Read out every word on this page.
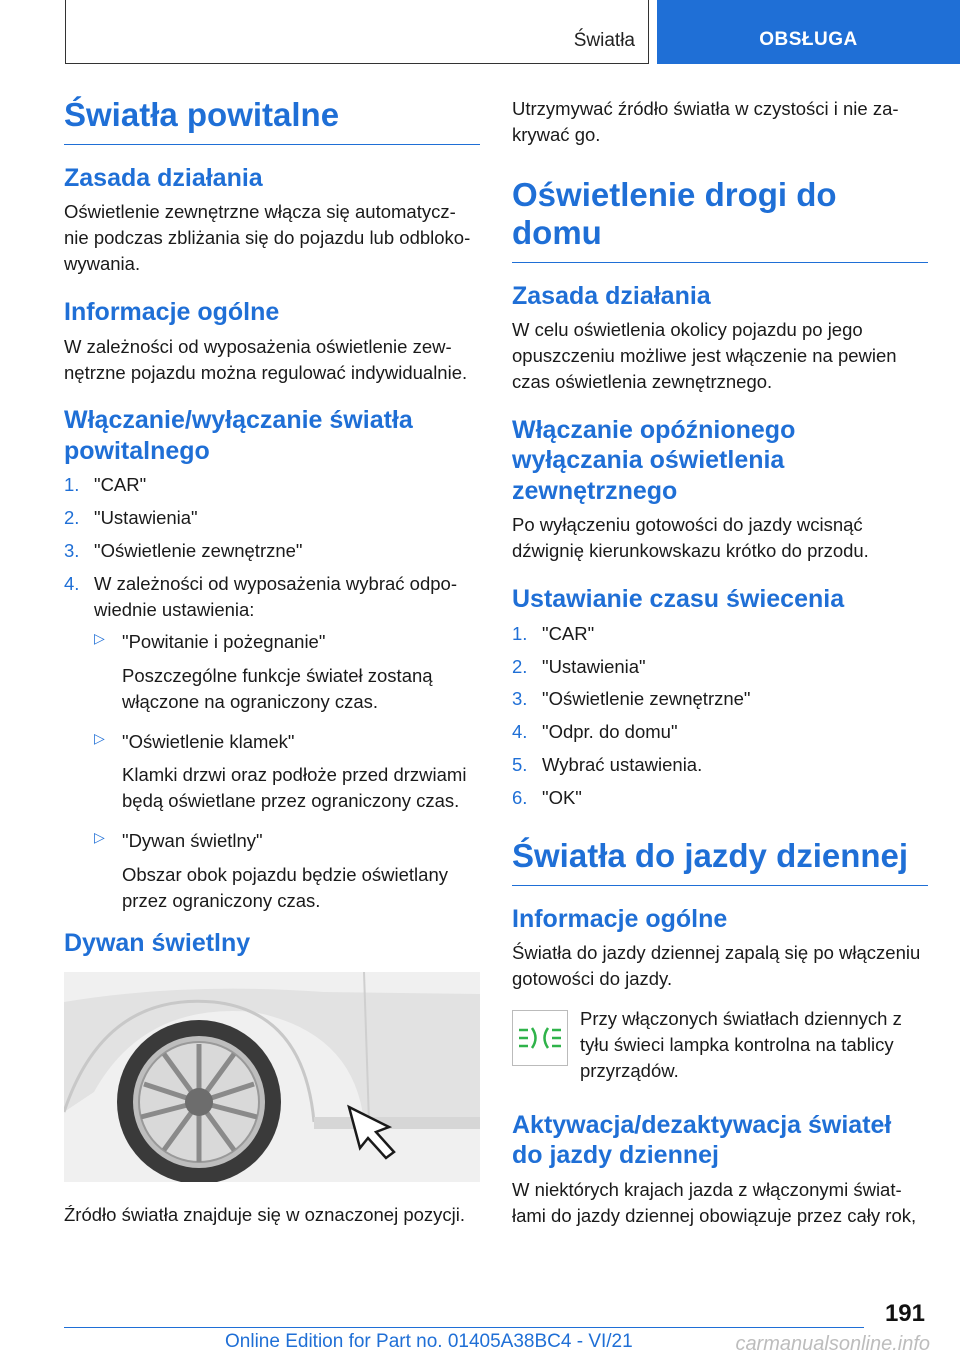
Światła	OBSŁUGA
Światła powitalne
Zasada działania

Oświetlenie zewnętrzne włącza się automatycz- nie podczas zbliżania się do pojazdu lub odbloko- wywania.

Informacje ogólne

W zależności od wyposażenia oświetlenie zew- nętrzne pojazdu można regulować indywidualnie.

Włączanie/wyłączanie światła powitalnego
1. "CAR"
2. "Ustawienia"
3. "Oświetlenie zewnętrzne"
4. W zależności od wyposażenia wybrać odpo- wiednie ustawienia:
▷ "Powitanie i pożegnanie"
Poszczególne funkcje świateł zostaną włączone na ograniczony czas.
▷ "Oświetlenie klamek"
Klamki drzwi oraz podłoże przed drzwiami będą oświetlane przez ograniczony czas.
▷ "Dywan świetlny"
Obszar obok pojazdu będzie oświetlany przez ograniczony czas.
Dywan świetlny

Źródło światła znajduje się w oznaczonej pozycji.

Utrzymywać źródło światła w czystości i nie za- krywać go.

Oświetlenie drogi do domu
Zasada działania

W celu oświetlenia okolicy pojazdu po jego opuszczeniu możliwe jest włączenie na pewien czas oświetlenia zewnętrznego.

Włączanie opóźnionego wyłączania oświetlenia zewnętrznego

Po wyłączeniu gotowości do jazdy wcisnąć dźwignię kierunkowskazu krótko do przodu.

Ustawianie czasu świecenia
1. "CAR"
2. "Ustawienia"
3. "Oświetlenie zewnętrzne"
4. "Odpr. do domu"
5. Wybrać ustawienia.
6. "OK"
Światła do jazdy dziennej
Informacje ogólne

Światła do jazdy dziennej zapalą się po włączeniu gotowości do jazdy.

Przy włączonych światłach dziennych z tyłu świeci lampka kontrolna na tablicy przyrządów.

Aktywacja/dezaktywacja świateł do jazdy dziennej

W niektórych krajach jazda z włączonymi świat- łami do jazdy dziennej obowiązuje przez cały rok,

191
Online Edition for Part no. 01405A38BC4 - VI/21	carmanualsonline.info
